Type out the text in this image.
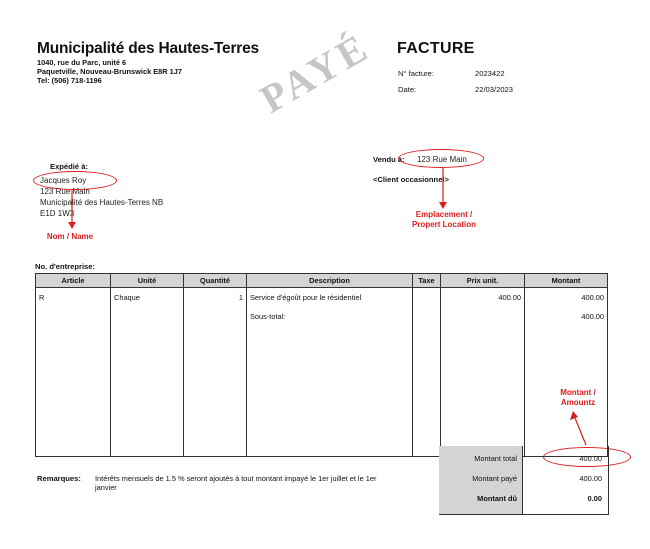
Municipalité des Hautes-Terres
1040, rue du Parc, unité 6
Paquetville, Nouveau-Brunswick E8R 1J7
Tel: (506) 718-1196
FACTURE
N° facture:	2023422
Date:	22/03/2023
PAYÉ
Expédié à:
Jacques Roy
123 Rue Main
Municipalité des Hautes-Terres NB
E1D 1W3
Vendu à: 123 Rue Main
<Client occasionnel>
Nom / Name
Emplacement /
Propert Location
Montant /
Amountz
No. d'entreprise:
Article	Unité	Quantité	Description	Taxe	Prix unit.	Montant
R	Chaque	1	Service d'égoût pour le résidentiel		400.00	400.00
			Sous-total:			400.00

Montant total	400.00
Montant payé	400.00
Montant dû	0.00
Remarques: Intérêts mensuels de 1.5 % seront ajoutés à tout montant impayé le 1er juillet et le 1er
janvier
